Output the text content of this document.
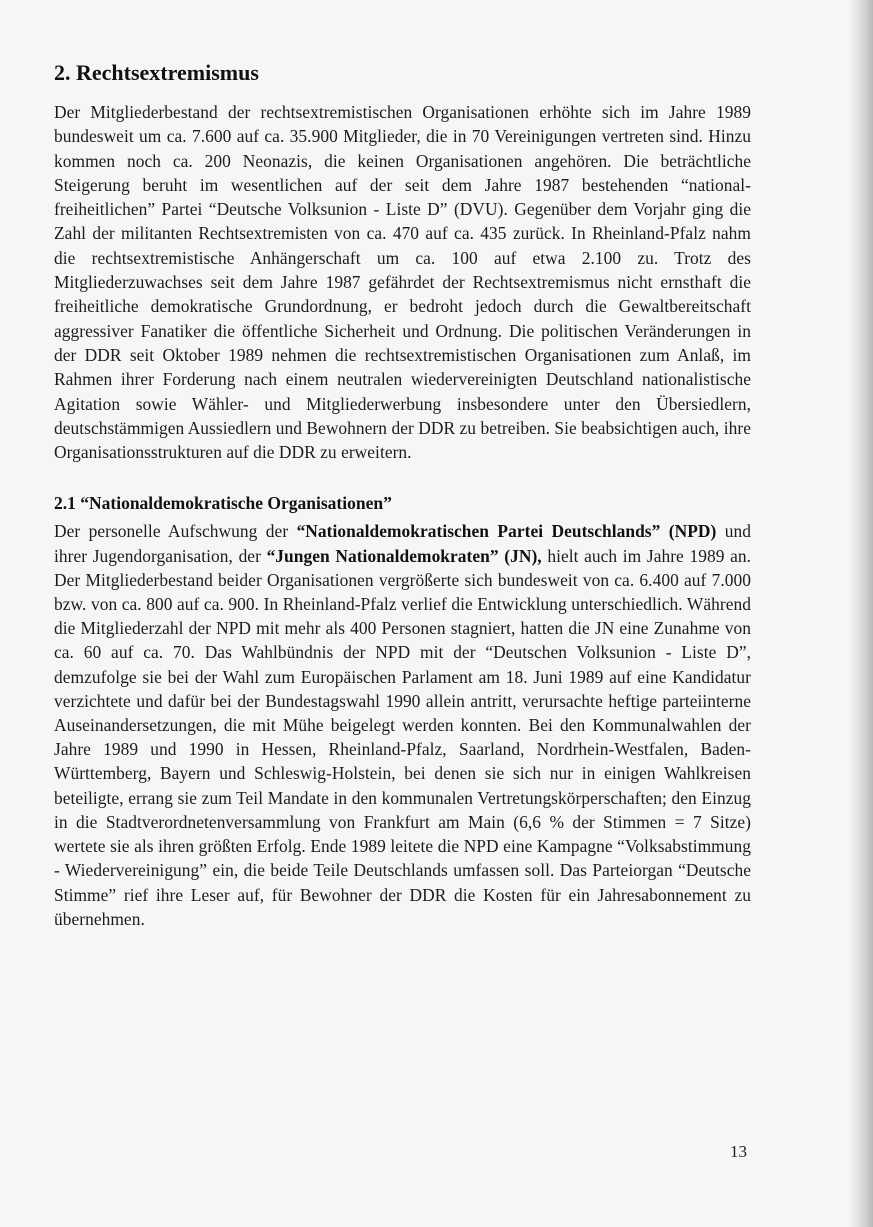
2. Rechtsextremismus

Der Mitgliederbestand der rechtsextremistischen Organisationen erhöhte sich im Jahre 1989 bundesweit um ca. 7.600 auf ca. 35.900 Mitglieder, die in 70 Vereinigungen vertreten sind. Hinzu kommen noch ca. 200 Neonazis, die keinen Organisationen angehören. Die beträchtliche Steigerung beruht im wesentlichen auf der seit dem Jahre 1987 bestehenden “national-freiheitlichen” Partei “Deutsche Volksunion - Liste D” (DVU). Gegenüber dem Vorjahr ging die Zahl der militanten Rechtsextremisten von ca. 470 auf ca. 435 zurück. In Rheinland-Pfalz nahm die rechtsextremistische Anhängerschaft um ca. 100 auf etwa 2.100 zu. Trotz des Mitgliederzuwachses seit dem Jahre 1987 gefährdet der Rechtsextremismus nicht ernsthaft die freiheitliche demokratische Grundordnung, er bedroht jedoch durch die Gewaltbereitschaft aggressiver Fanatiker die öffentliche Sicherheit und Ordnung. Die politischen Veränderungen in der DDR seit Oktober 1989 nehmen die rechtsextremistischen Organisationen zum Anlaß, im Rahmen ihrer Forderung nach einem neutralen wiedervereinigten Deutschland nationalistische Agitation sowie Wähler- und Mitgliederwerbung insbesondere unter den Übersiedlern, deutschstämmigen Aussiedlern und Bewohnern der DDR zu betreiben. Sie beabsichtigen auch, ihre Organisationsstrukturen auf die DDR zu erweitern.

2.1 “Nationaldemokratische Organisationen”

Der personelle Aufschwung der “Nationaldemokratischen Partei Deutschlands” (NPD) und ihrer Jugendorganisation, der “Jungen Nationaldemokraten” (JN), hielt auch im Jahre 1989 an. Der Mitgliederbestand beider Organisationen vergrößerte sich bundesweit von ca. 6.400 auf 7.000 bzw. von ca. 800 auf ca. 900. In Rheinland-Pfalz verlief die Entwicklung unterschiedlich. Während die Mitgliederzahl der NPD mit mehr als 400 Personen stagniert, hatten die JN eine Zunahme von ca. 60 auf ca. 70. Das Wahlbündnis der NPD mit der “Deutschen Volksunion - Liste D”, demzufolge sie bei der Wahl zum Europäischen Parlament am 18. Juni 1989 auf eine Kandidatur verzichtete und dafür bei der Bundestagswahl 1990 allein antritt, verursachte heftige parteiinterne Auseinandersetzungen, die mit Mühe beigelegt werden konnten. Bei den Kommunalwahlen der Jahre 1989 und 1990 in Hessen, Rheinland-Pfalz, Saarland, Nordrhein-Westfalen, Baden-Württemberg, Bayern und Schleswig-Holstein, bei denen sie sich nur in einigen Wahlkreisen beteiligte, errang sie zum Teil Mandate in den kommunalen Vertretungskörperschaften; den Einzug in die Stadtverordnetenversammlung von Frankfurt am Main (6,6 % der Stimmen = 7 Sitze) wertete sie als ihren größten Erfolg. Ende 1989 leitete die NPD eine Kampagne “Volksabstimmung - Wiedervereinigung” ein, die beide Teile Deutschlands umfassen soll. Das Parteiorgan “Deutsche Stimme” rief ihre Leser auf, für Bewohner der DDR die Kosten für ein Jahresabonnement zu übernehmen.

13
